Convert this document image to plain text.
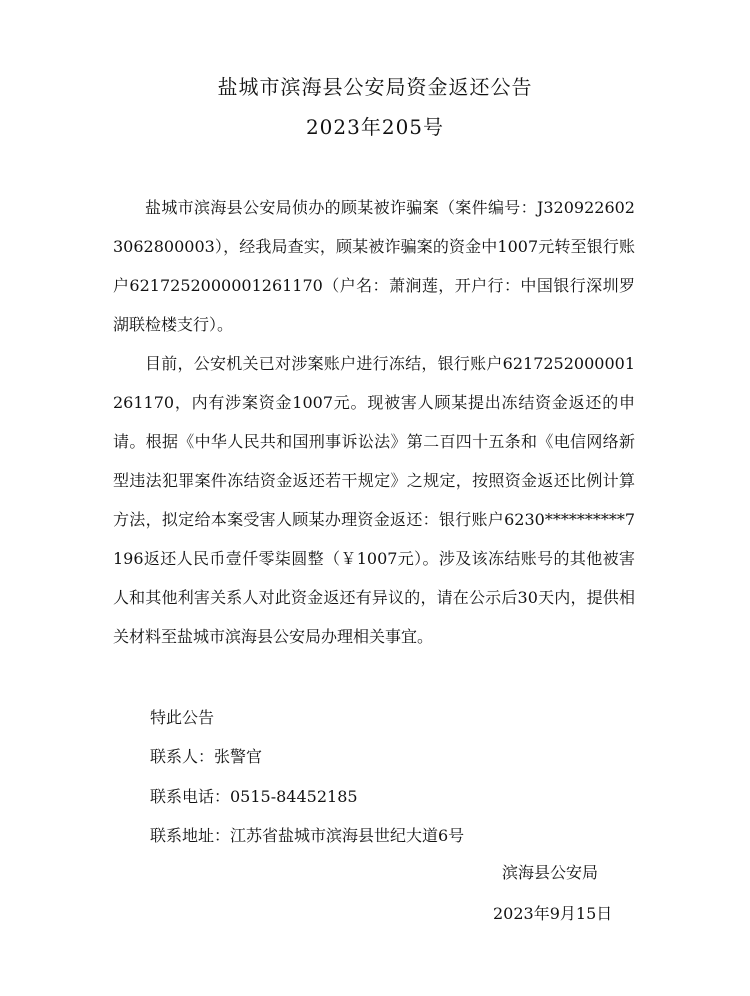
盐城市滨海县公安局资金返还公告
2023年205号

盐城市滨海县公安局侦办的顾某被诈骗案（案件编号：J3209226023062800003），经我局查实，顾某被诈骗案的资金中1007元转至银行账户6217252000001261170（户名：萧涧莲，开户行：中国银行深圳罗湖联检楼支行）。

目前，公安机关已对涉案账户进行冻结，银行账户6217252000001261170，内有涉案资金1007元。现被害人顾某提出冻结资金返还的申请。根据《中华人民共和国刑事诉讼法》第二百四十五条和《电信网络新型违法犯罪案件冻结资金返还若干规定》之规定，按照资金返还比例计算方法，拟定给本案受害人顾某办理资金返还：银行账户6230**********7196返还人民币壹仟零柒圆整（￥1007元）。涉及该冻结账号的其他被害人和其他利害关系人对此资金返还有异议的，请在公示后30天内，提供相关材料至盐城市滨海县公安局办理相关事宜。

特此公告
联系人：张警官
联系电话：0515-84452185
联系地址：江苏省盐城市滨海县世纪大道6号
滨海县公安局
2023年9月15日
